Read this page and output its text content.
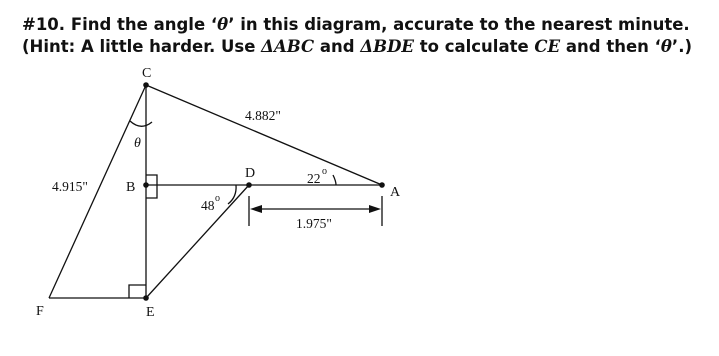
#10. Find the angle ‘θ’ in this diagram, accurate to the nearest minute. (Hint: A little harder. Use ΔABC and ΔBDE to calculate CE and then ‘θ’.)
C
B
D
A
E
F
θ
22 o
48 o
4.882"
4.915"
1.975"
